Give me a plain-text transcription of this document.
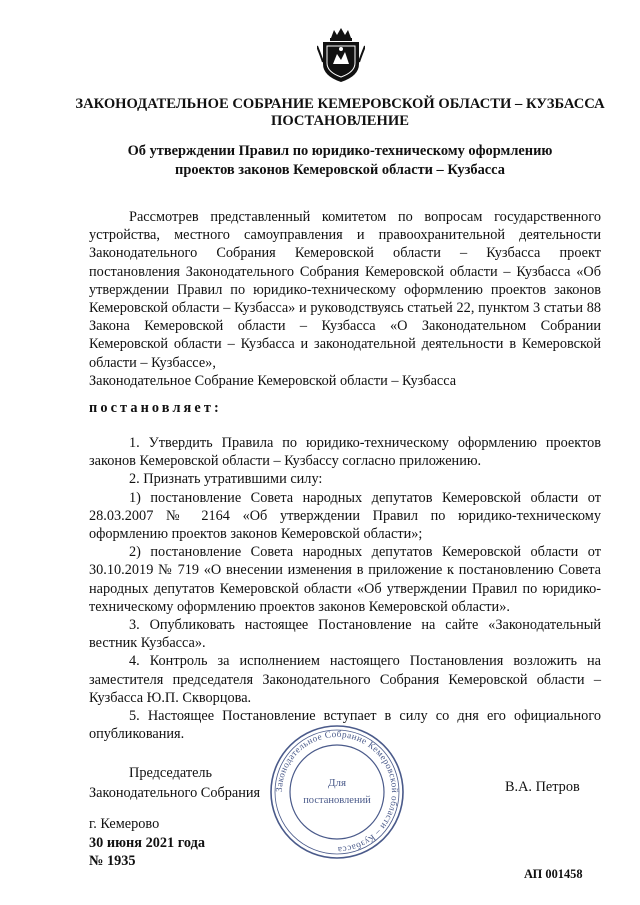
ЗАКОНОДАТЕЛЬНОЕ СОБРАНИЕ КЕМЕРОВСКОЙ ОБЛАСТИ – КУЗБАССА
ПОСТАНОВЛЕНИЕ
Об утверждении Правил по юридико-техническому оформлению
проектов законов Кемеровской области – Кузбасса

Рассмотрев представленный комитетом по вопросам государственного устройства, местного самоуправления и правоохранительной деятельности Законодательного Собрания Кемеровской области – Кузбасса проект постановления Законодательного Собрания Кемеровской области – Кузбасса «Об утверждении Правил по юридико-техническому оформлению проектов законов Кемеровской области – Кузбасса» и руководствуясь статьей 22, пунктом 3 статьи 88 Закона Кемеровской области – Кузбасса «О Законодательном Собрании Кемеровской области – Кузбасса и законодательной деятельности в Кемеровской области – Кузбассе»,

Законодательное Собрание Кемеровской области – Кузбасса

постановляет:

1. Утвердить Правила по юридико-техническому оформлению проектов законов Кемеровской области – Кузбассу согласно приложению.

2. Признать утратившими силу:

1) постановление Совета народных депутатов Кемеровской области от 28.03.2007 № 2164 «Об утверждении Правил по юридико-техническому оформлению проектов законов Кемеровской области»;

2) постановление Совета народных депутатов Кемеровской области от 30.10.2019 № 719 «О внесении изменения в приложение к постановлению Совета народных депутатов Кемеровской области «Об утверждении Правил по юридико-техническому оформлению проектов законов Кемеровской области».

3. Опубликовать настоящее Постановление на сайте «Законодательный вестник Кузбасса».

4. Контроль за исполнением настоящего Постановления возложить на заместителя председателя Законодательного Собрания Кемеровской области – Кузбасса Ю.П. Скворцова.

5. Настоящее Постановление вступает в силу со дня его официального опубликования.

Председатель
Законодательного Собрания	Законодательное Собрание Кемеровской области – Кузбасса
Для
постановлений
В.А. Петров
г. Кемерово
30 июня 2021 года
№ 1935
АП 001458
